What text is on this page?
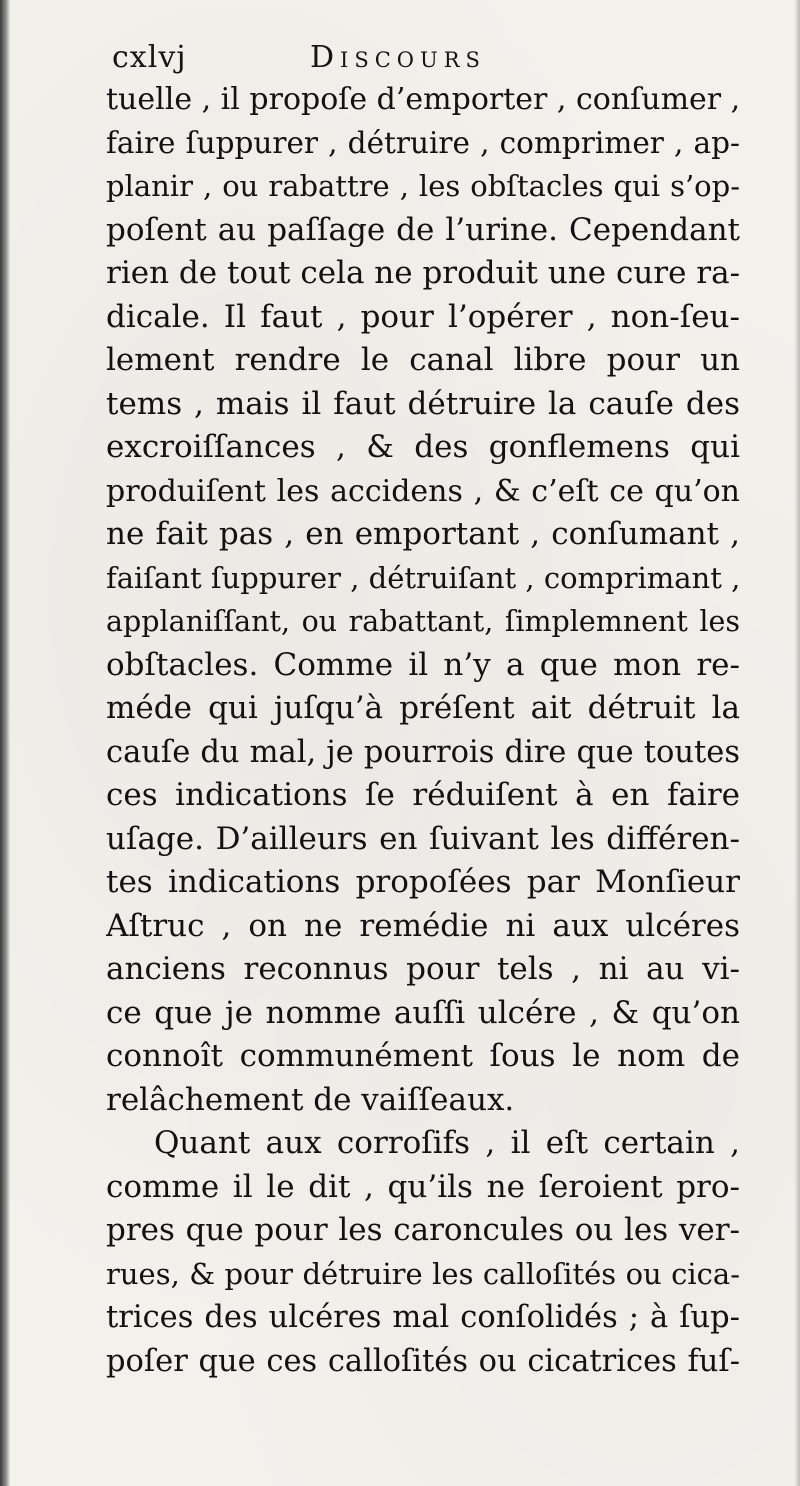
cxlvj	Discours
tuelle , il propoſe d’emporter , conſumer ,
faire ſuppurer , détruire , comprimer , ap-
planir , ou rabattre , les obſtacles qui s’op-
poſent au paſſage de l’urine. Cependant
rien de tout cela ne produit une cure ra-
dicale. Il faut , pour l’opérer , non-ſeu-
lement rendre le canal libre pour un
tems , mais il faut détruire la cauſe des
excroiſſances , & des gonflemens qui
produiſent les accidens , & c’eſt ce qu’on
ne fait pas , en emportant , conſumant ,
faiſant ſuppurer , détruiſant , comprimant ,
applaniſſant, ou rabattant, ſimplemnent les
obſtacles. Comme il n’y a que mon re-
méde qui juſqu’à préſent ait détruit la
cauſe du mal, je pourrois dire que toutes
ces indications ſe réduiſent à en faire
uſage. D’ailleurs en ſuivant les différen-
tes indications propoſées par Monſieur
Aſtruc , on ne remédie ni aux ulcéres
anciens reconnus pour tels , ni au vi-
ce que je nomme auſſi ulcére , & qu’on
connoît communément ſous le nom de
relâchement de vaiſſeaux.
Quant aux corroſifs , il eſt certain ,
comme il le dit , qu’ils ne ſeroient pro-
pres que pour les caroncules ou les ver-
rues, & pour détruire les calloſités ou cica-
trices des ulcéres mal conſolidés ; à ſup-
poſer que ces calloſités ou cicatrices fuſ-
